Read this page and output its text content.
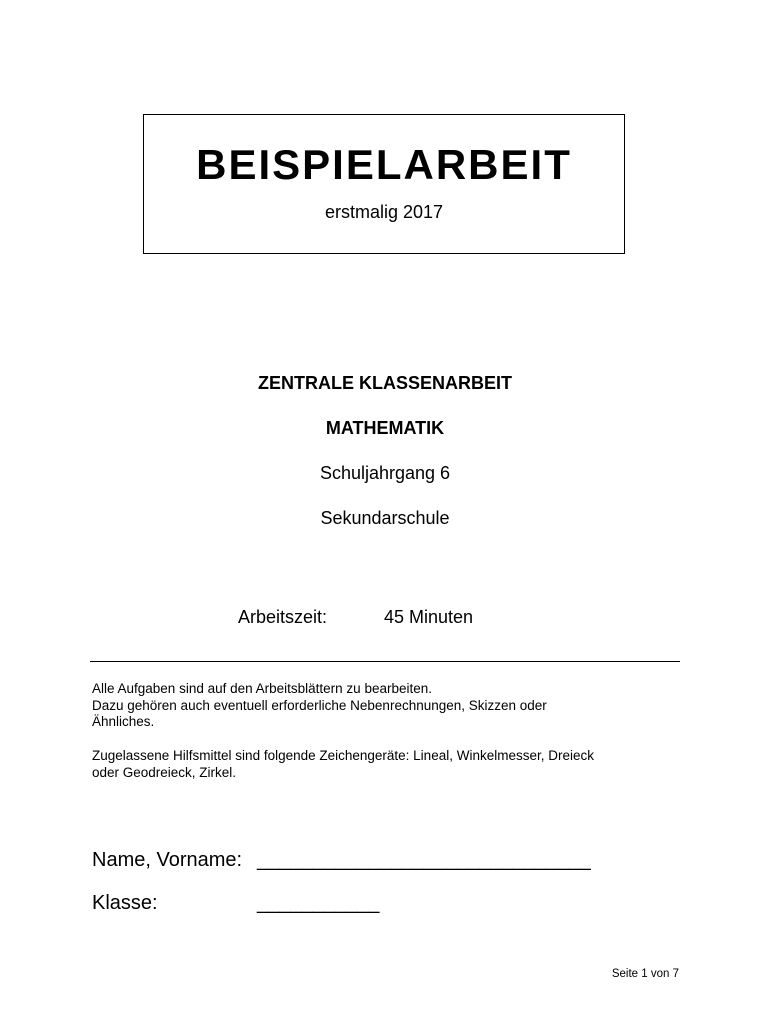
BEISPIELARBEIT
erstmalig 2017
ZENTRALE KLASSENARBEIT
MATHEMATIK
Schuljahrgang 6
Sekundarschule
Arbeitszeit:	45 Minuten
Alle Aufgaben sind auf den Arbeitsblättern zu bearbeiten.
Dazu gehören auch eventuell erforderliche Nebenrechnungen, Skizzen oder
Ähnliches.
Zugelassene Hilfsmittel sind folgende Zeichengeräte: Lineal, Winkelmesser, Dreieck
oder Geodreieck, Zirkel.
Name, Vorname: ______________________________
Klasse:	___________
Seite 1 von 7
